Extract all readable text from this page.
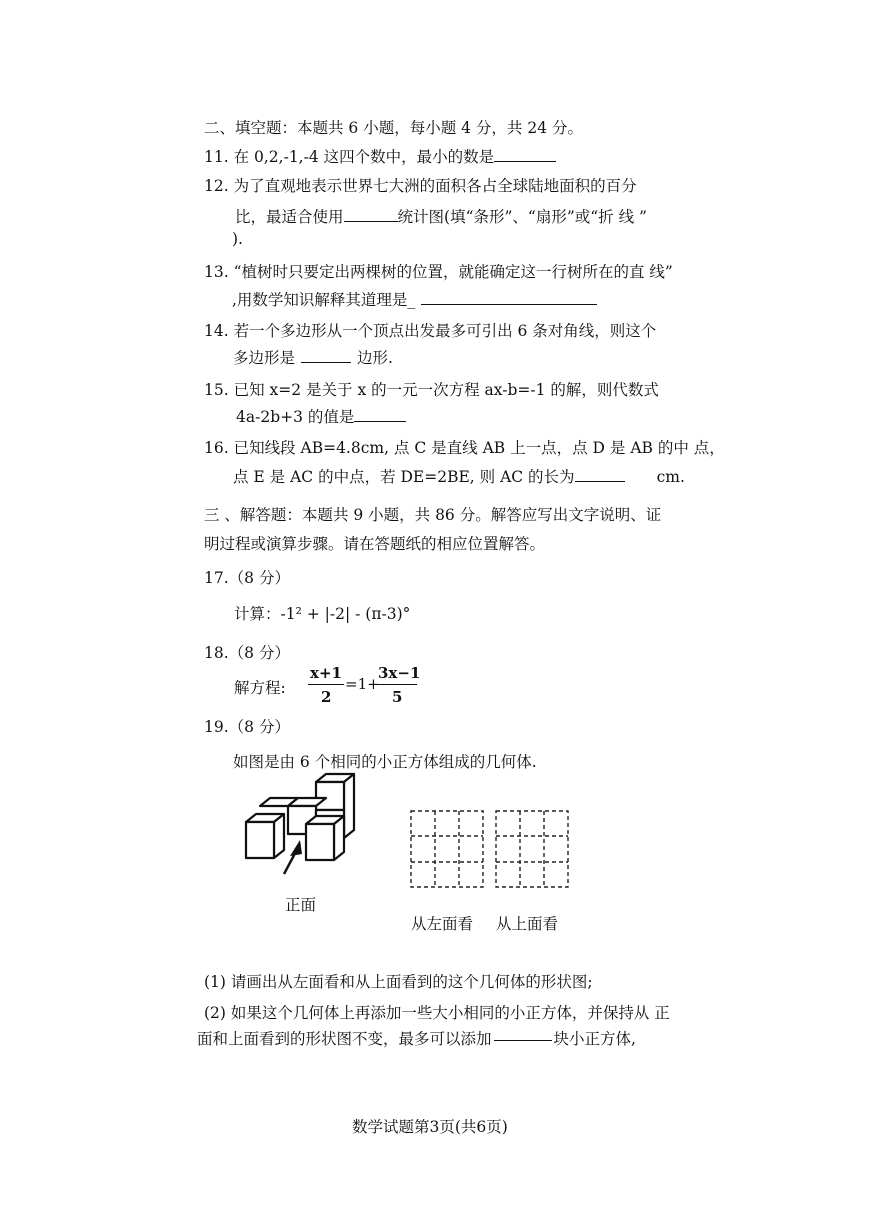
二、填空题：本题共 6 小题，每小题 4 分，共 24 分。
11. 在 0,2,-1,-4 这四个数中，最小的数是
12. 为了直观地表示世界七大洲的面积各占全球陆地面积的百分
比，最适合使用	统计图(填“条形”、“扇形”或“折 线 ”
).
13. “植树时只要定出两棵树的位置，就能确定这一行树所在的直 线”
,用数学知识解释其道理是_
14. 若一个多边形从一个顶点出发最多可引出 6 条对角线，则这个
多边形是	边形.
15. 已知 x=2 是关于 x 的一元一次方程 ax-b=-1 的解，则代数式
4a-2b+3 的值是
16. 已知线段 AB=4.8cm, 点 C 是直线 AB 上一点，点 D 是 AB 的中 点，
点 E 是 AC 的中点，若 DE=2BE, 则 AC 的长为	cm.
三 、解答题：本题共 9 小题，共 86 分。解答应写出文字说明、证
明过程或演算步骤。请在答题纸的相应位置解答。
17.（8 分）
计算：-1² + |-2| - (π-3)°
18.（8 分）
解方程:
x+1
2
=1+
3x−1
5
19.（8 分）
如图是由 6 个相同的小正方体组成的几何体.
正面
从左面看 从上面看
(1) 请画出从左面看和从上面看到的这个几何体的形状图;
(2) 如果这个几何体上再添加一些大小相同的小正方体，并保持从 正
面和上面看到的形状图不变，最多可以添加	块小正方体,
数学试题第3页(共6页)
